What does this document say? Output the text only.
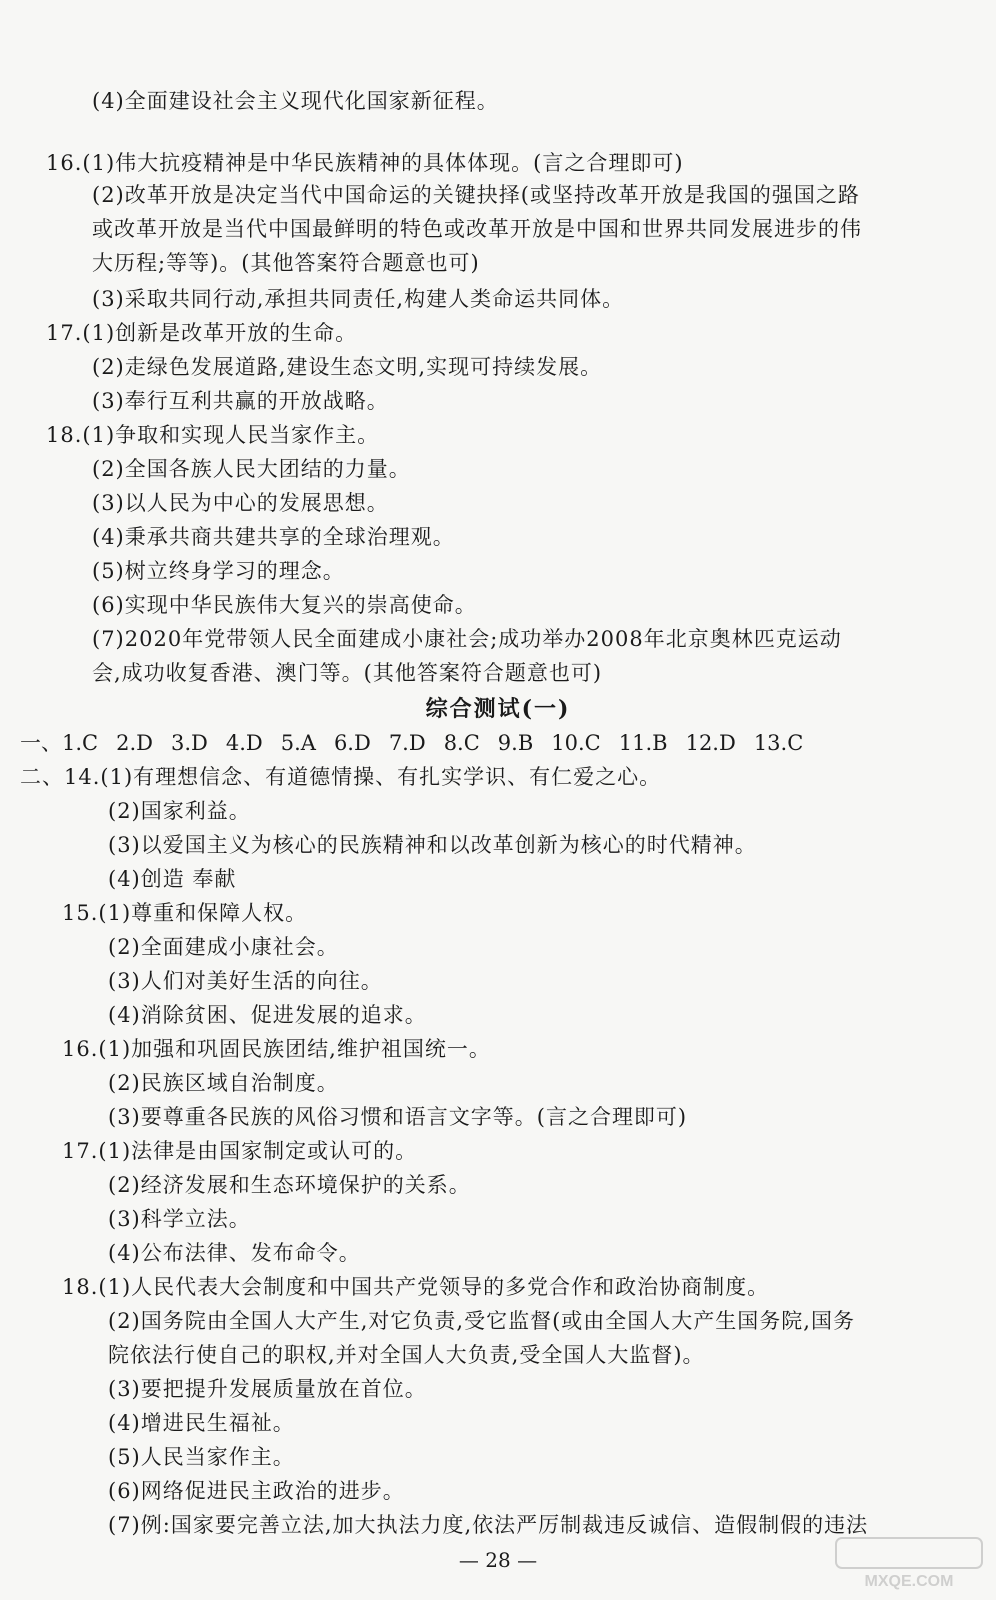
(4)全面建设社会主义现代化国家新征程。
16.(1)伟大抗疫精神是中华民族精神的具体体现。(言之合理即可)
(2)改革开放是决定当代中国命运的关键抉择(或坚持改革开放是我国的强国之路
或改革开放是当代中国最鲜明的特色或改革开放是中国和世界共同发展进步的伟
大历程;等等)。(其他答案符合题意也可)
(3)采取共同行动,承担共同责任,构建人类命运共同体。
17.(1)创新是改革开放的生命。
(2)走绿色发展道路,建设生态文明,实现可持续发展。
(3)奉行互利共赢的开放战略。
18.(1)争取和实现人民当家作主。
(2)全国各族人民大团结的力量。
(3)以人民为中心的发展思想。
(4)秉承共商共建共享的全球治理观。
(5)树立终身学习的理念。
(6)实现中华民族伟大复兴的崇高使命。
(7)2020年党带领人民全面建成小康社会;成功举办2008年北京奥林匹克运动
会,成功收复香港、澳门等。(其他答案符合题意也可)
综合测试(一)
一、1.C 2.D 3.D 4.D 5.A 6.D 7.D 8.C 9.B 10.C 11.B 12.D 13.C
二、14.(1)有理想信念、有道德情操、有扎实学识、有仁爱之心。
(2)国家利益。
(3)以爱国主义为核心的民族精神和以改革创新为核心的时代精神。
(4)创造 奉献
15.(1)尊重和保障人权。
(2)全面建成小康社会。
(3)人们对美好生活的向往。
(4)消除贫困、促进发展的追求。
16.(1)加强和巩固民族团结,维护祖国统一。
(2)民族区域自治制度。
(3)要尊重各民族的风俗习惯和语言文字等。(言之合理即可)
17.(1)法律是由国家制定或认可的。
(2)经济发展和生态环境保护的关系。
(3)科学立法。
(4)公布法律、发布命令。
18.(1)人民代表大会制度和中国共产党领导的多党合作和政治协商制度。
(2)国务院由全国人大产生,对它负责,受它监督(或由全国人大产生国务院,国务
院依法行使自己的职权,并对全国人大负责,受全国人大监督)。
(3)要把提升发展质量放在首位。
(4)增进民生福祉。
(5)人民当家作主。
(6)网络促进民主政治的进步。
(7)例:国家要完善立法,加大执法力度,依法严厉制裁违反诚信、造假制假的违法
— 28 —
MXQE.COM
